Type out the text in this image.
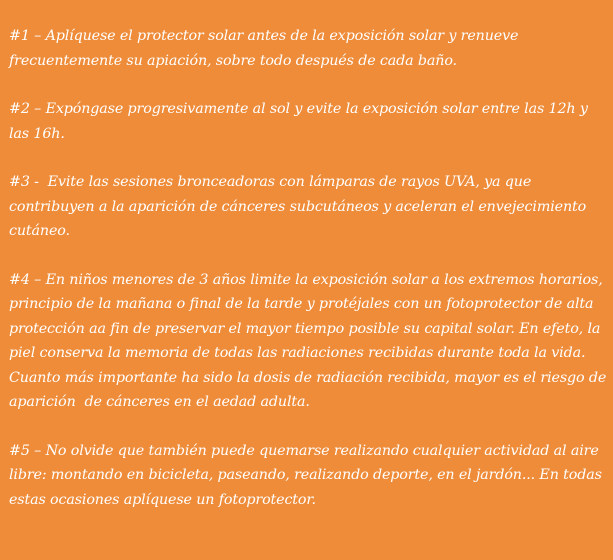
#1 – Aplíquese el protector solar antes de la exposición solar y renueve frecuentemente su apiación, sobre todo después de cada baño.

#2 – Expóngase progresivamente al sol y evite la exposición solar entre las 12h y las 16h.

#3 -  Evite las sesiones bronceadoras con lámparas de rayos UVA, ya que contribuyen a la aparición de cánceres subcutáneos y aceleran el envejecimiento cutáneo.

#4 – En niños menores de 3 años limite la exposición solar a los extremos horarios, principio de la mañana o final de la tarde y protéjales con un fotoprotector de alta protección aa fin de preservar el mayor tiempo posible su capital solar. En efeto, la piel conserva la memoria de todas las radiaciones recibidas durante toda la vida. Cuanto más importante ha sido la dosis de radiación recibida, mayor es el riesgo de aparición  de cánceres en el aedad adulta.

#5 – No olvide que también puede quemarse realizando cualquier actividad al aire libre: montando en bicicleta, paseando, realizando deporte, en el jardón... En todas estas ocasiones aplíquese un fotoprotector.
